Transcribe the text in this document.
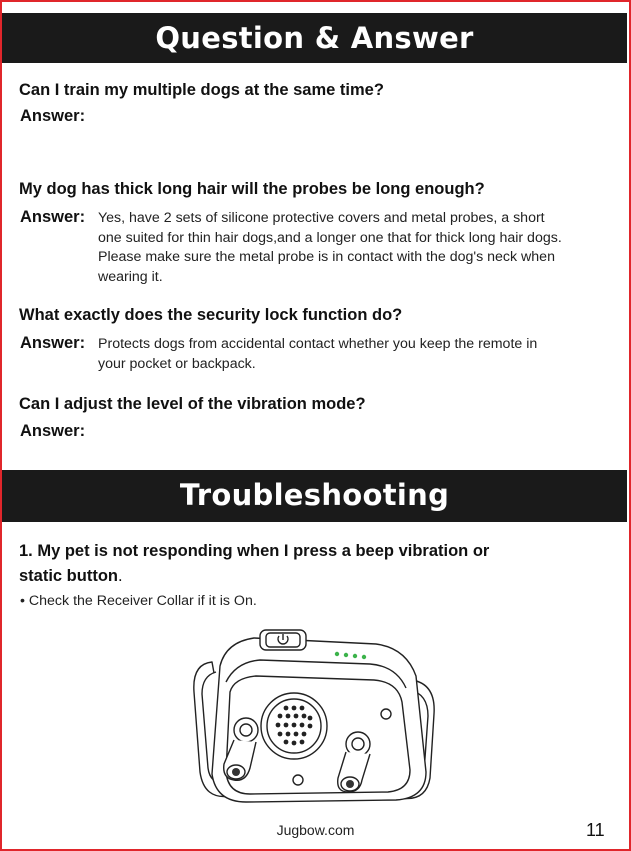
Question & Answer
Can I train my multiple dogs at the same time?
Answer:
My dog has thick long hair will the probes be long enough?
Answer: Yes, have 2 sets of silicone protective covers and metal probes, a short
one suited for thin hair dogs,and a longer one that for thick long hair dogs.
Please make sure the metal probe is in contact with the dog's neck when
wearing it.
What exactly does the security lock function do?
Answer: Protects dogs from accidental contact whether you keep the remote in
your pocket or backpack.
Can I adjust the level of the vibration mode?
Answer:
Troubleshooting
1. My pet is not responding when I press a beep vibration or
static button.
• Check the Receiver Collar if it is On.
Jugbow.com	11
